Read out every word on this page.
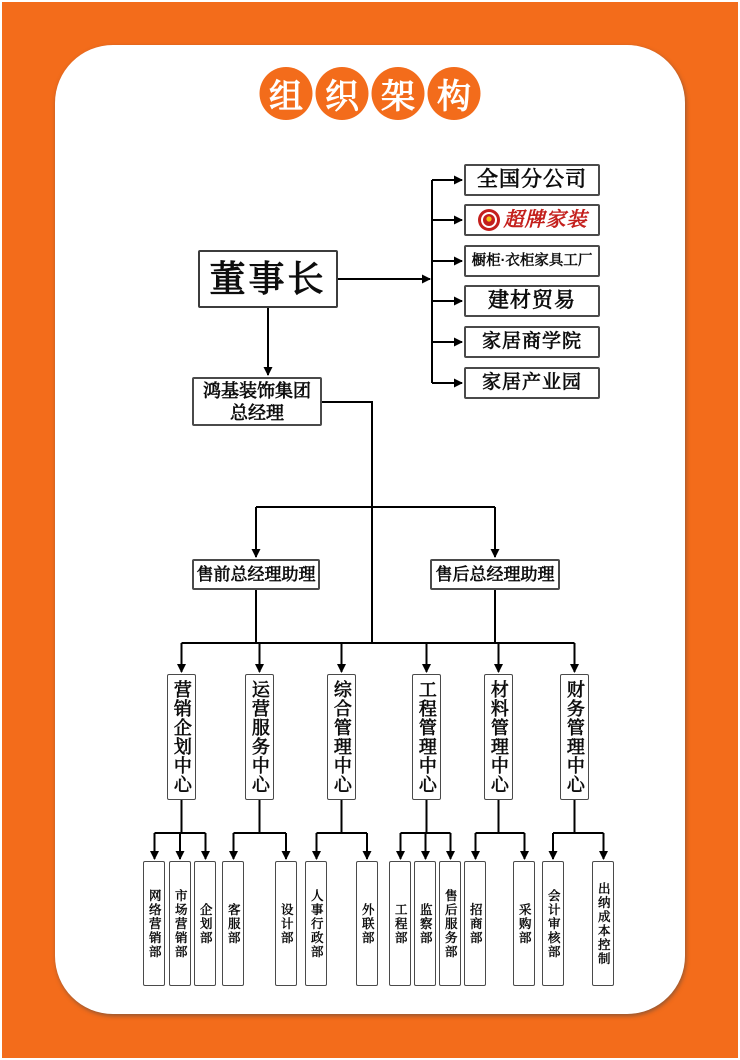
组 织 架 构
董事长
鸿基装饰集团
总经理
全国分公司
超牌家装
橱柜·衣柜家具工厂
建材贸易
家居商学院
家居产业园
售前总经理助理	售后总经理助理
营销企划中心	运营服务中心	综合管理中心	工程管理中心	材料管理中心	财务管理中心
网络营销部 市场营销部 企划部	客服部	设计部	人事行政部	外联部	工程部 监察部 售后服务部 招商部	采购部	会计审核部	出纳成本控制
